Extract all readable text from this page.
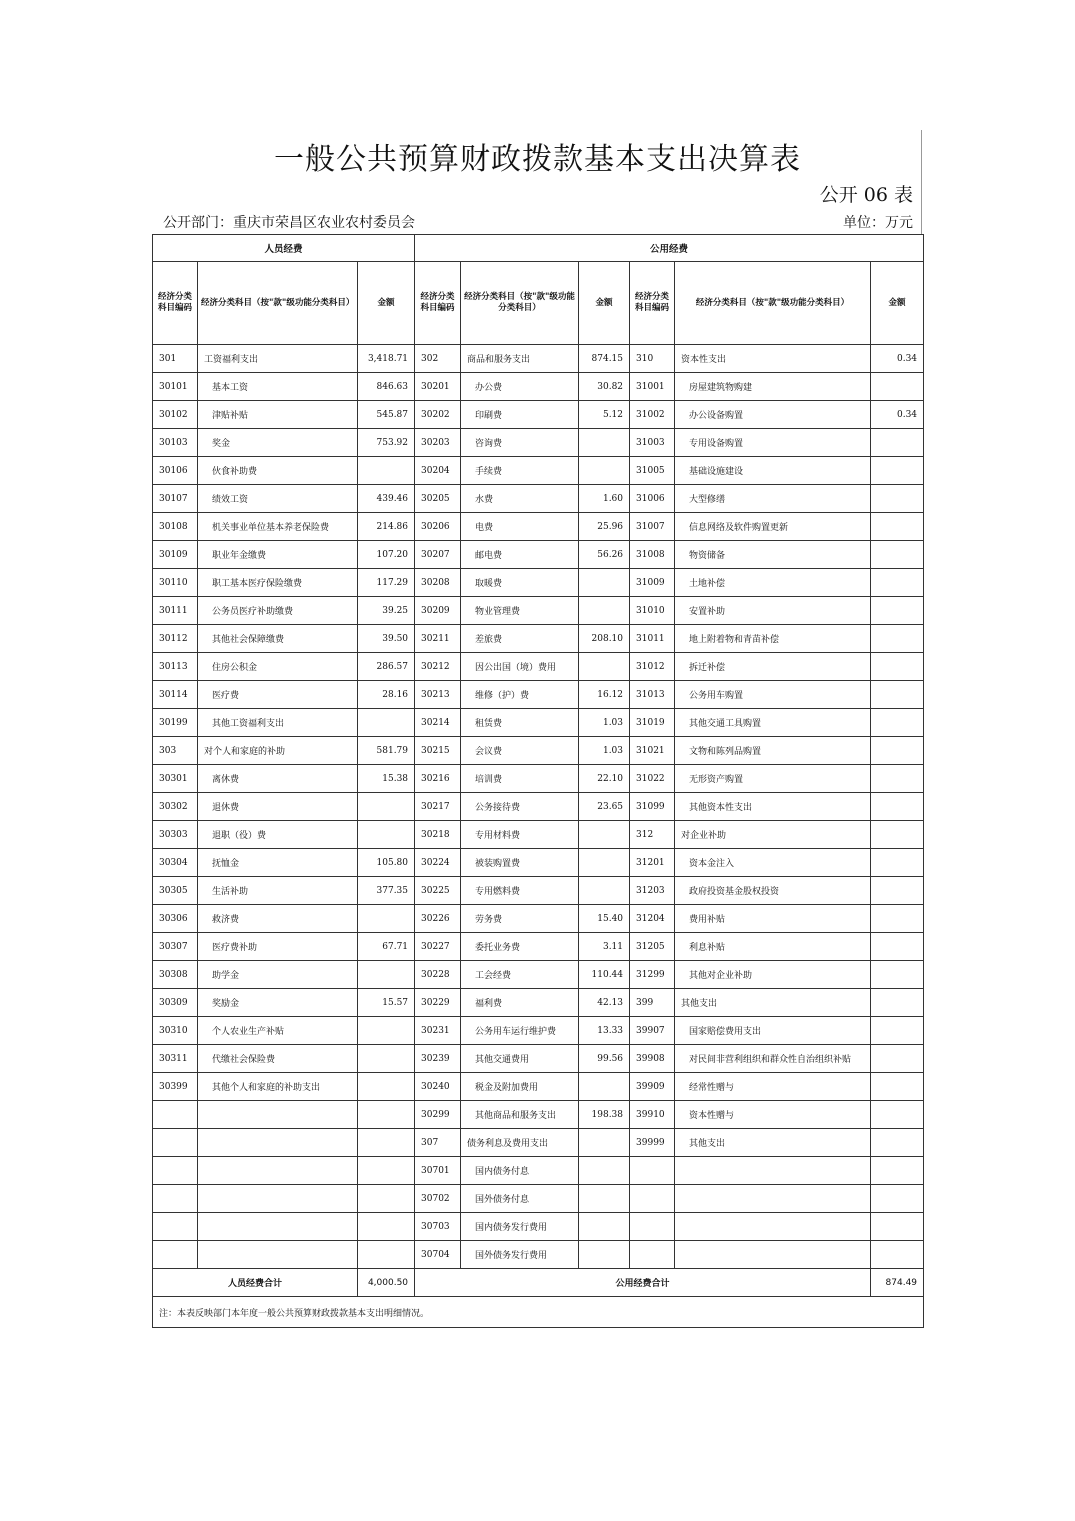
一般公共预算财政拨款基本支出决算表
公开 06 表
公开部门：重庆市荣昌区农业农村委员会	单位：万元
人员经费			公用经费					
经济分类科目编码	经济分类科目（按"款"级功能分类科目）	金额	经济分类科目编码	经济分类科目（按"款"级功能分类科目）	金额	经济分类科目编码	经济分类科目（按"款"级功能分类科目）	金额
301	工资福利支出	3,418.71	302	商品和服务支出	874.15	310	资本性支出	0.34
30101	基本工资	846.63	30201	办公费	30.82	31001	房屋建筑物购建	
30102	津贴补贴	545.87	30202	印刷费	5.12	31002	办公设备购置	0.34
30103	奖金	753.92	30203	咨询费		31003	专用设备购置	
30106	伙食补助费		30204	手续费		31005	基础设施建设	
30107	绩效工资	439.46	30205	水费	1.60	31006	大型修缮	
30108	机关事业单位基本养老保险费	214.86	30206	电费	25.96	31007	信息网络及软件购置更新	
30109	职业年金缴费	107.20	30207	邮电费	56.26	31008	物资储备	
30110	职工基本医疗保险缴费	117.29	30208	取暖费		31009	土地补偿	
30111	公务员医疗补助缴费	39.25	30209	物业管理费		31010	安置补助	
30112	其他社会保障缴费	39.50	30211	差旅费	208.10	31011	地上附着物和青苗补偿	
30113	住房公积金	286.57	30212	因公出国（境）费用		31012	拆迁补偿	
30114	医疗费	28.16	30213	维修（护）费	16.12	31013	公务用车购置	
30199	其他工资福利支出		30214	租赁费	1.03	31019	其他交通工具购置	
303	对个人和家庭的补助	581.79	30215	会议费	1.03	31021	文物和陈列品购置	
30301	离休费	15.38	30216	培训费	22.10	31022	无形资产购置	
30302	退休费		30217	公务接待费	23.65	31099	其他资本性支出	
30303	退职（役）费		30218	专用材料费		312	对企业补助	
30304	抚恤金	105.80	30224	被装购置费		31201	资本金注入	
30305	生活补助	377.35	30225	专用燃料费		31203	政府投资基金股权投资	
30306	救济费		30226	劳务费	15.40	31204	费用补贴	
30307	医疗费补助	67.71	30227	委托业务费	3.11	31205	利息补贴	
30308	助学金		30228	工会经费	110.44	31299	其他对企业补助	
30309	奖励金	15.57	30229	福利费	42.13	399	其他支出	
30310	个人农业生产补贴		30231	公务用车运行维护费	13.33	39907	国家赔偿费用支出	
30311	代缴社会保险费		30239	其他交通费用	99.56	39908	对民间非营利组织和群众性自治组织补贴	
30399	其他个人和家庭的补助支出		30240	税金及附加费用		39909	经常性赠与	
			30299	其他商品和服务支出	198.38	39910	资本性赠与	
			307	债务利息及费用支出		39999	其他支出	
			30701	国内债务付息				
			30702	国外债务付息				
			30703	国内债务发行费用				
			30704	国外债务发行费用				
人员经费合计		4,000.50	公用经费合计					874.49
注：本表反映部门本年度一般公共预算财政拨款基本支出明细情况。								
